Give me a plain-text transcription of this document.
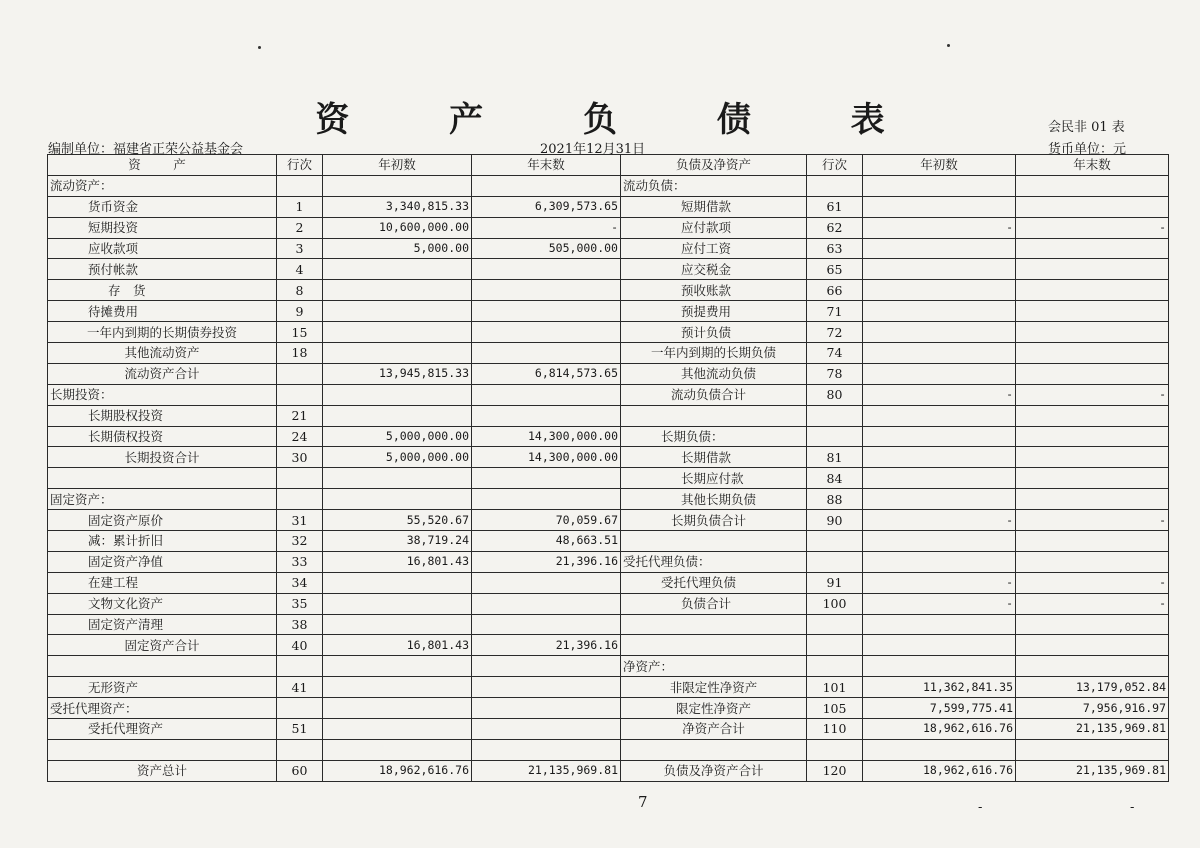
资 产 负 债 表	会民非 01 表
编制单位：福建省正荣公益基金会	2021年12月31日	货币单位：元
资　产	行次	年初数	年末数	负债及净资产	行次	年初数	年末数
流动资产：				流动负债：			
货币资金	1	3,340,815.33	6,309,573.65	短期借款	61		
短期投资	2	10,600,000.00	-	应付款项	62	-	-
应收款项	3	5,000.00	505,000.00	应付工资	63		
预付帐款	4			应交税金	65		
存　货	8			预收账款	66		
待摊费用	9			预提费用	71		
一年内到期的长期债券投资	15			预计负债	72		
其他流动资产	18			一年内到期的长期负债	74		
流动资产合计		13,945,815.33	6,814,573.65	其他流动负债	78		
长期投资：				流动负债合计	80	-	-
长期股权投资	21						
长期债权投资	24	5,000,000.00	14,300,000.00	长期负债：			
长期投资合计	30	5,000,000.00	14,300,000.00	长期借款	81		
				长期应付款	84		
固定资产：				其他长期负债	88		
固定资产原价	31	55,520.67	70,059.67	长期负债合计	90	-	-
减：累计折旧	32	38,719.24	48,663.51				
固定资产净值	33	16,801.43	21,396.16	受托代理负债：			
在建工程	34			受托代理负债	91	-	-
文物文化资产	35			负债合计	100	-	-
固定资产清理	38						
固定资产合计	40	16,801.43	21,396.16				
				净资产：			
无形资产	41			非限定性净资产	101	11,362,841.35	13,179,052.84
受托代理资产：				限定性净资产	105	7,599,775.41	7,956,916.97
受托代理资产	51			净资产合计	110	18,962,616.76	21,135,969.81

资产总计	60	18,962,616.76	21,135,969.81	负债及净资产合计	120	18,962,616.76	21,135,969.81
7	-	-
